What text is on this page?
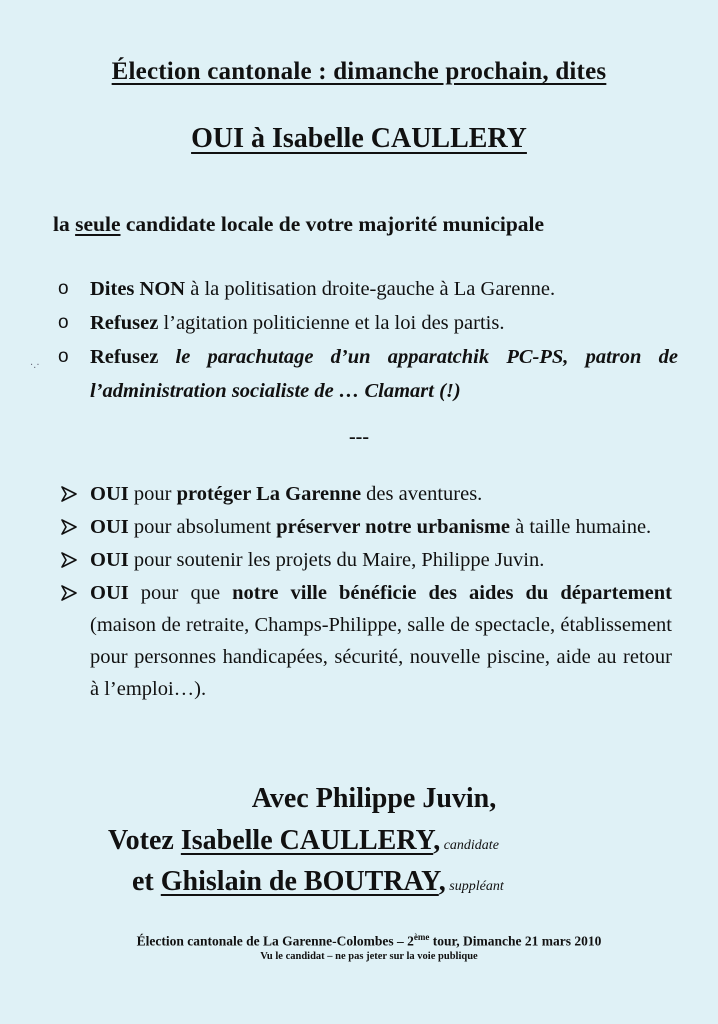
Élection cantonale : dimanche prochain, dites
OUI à Isabelle CAULLERY
la seule candidate locale de votre majorité municipale
·.·
o Dites NON à la politisation droite-gauche à La Garenne.
o Refusez l’agitation politicienne et la loi des partis.
o Refusez le parachutage d’un apparatchik PC-PS, patron de l’administration socialiste de … Clamart (!)
---
OUI pour protéger La Garenne des aventures.
OUI pour absolument préserver notre urbanisme à taille humaine.
OUI pour soutenir les projets du Maire, Philippe Juvin.
OUI pour que notre ville bénéficie des aides du département (maison de retraite, Champs-Philippe, salle de spectacle, établissement pour personnes handicapées, sécurité, nouvelle piscine, aide au retour à l’emploi…).
Avec Philippe Juvin,
Votez Isabelle CAULLERY, candidate
et Ghislain de BOUTRAY, suppléant
Élection cantonale de La Garenne-Colombes – 2ème tour, Dimanche 21 mars 2010
Vu le candidat – ne pas jeter sur la voie publique
